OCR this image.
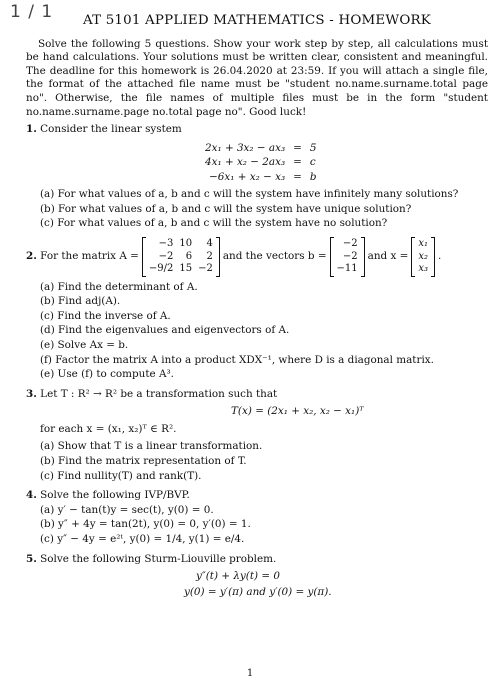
1 / 1	AT 5101 APPLIED MATHEMATICS - HOMEWORK

Solve the following 5 questions. Show your work step by step, all calculations must be hand calculations. Your solutions must be written clear, consistent and meaningful. The deadline for this homework is 26.04.2020 at 23:59. If you will attach a single file, the format of the attached file name must be "student no.name.surname.total page no". Otherwise, the file names of multiple files must be in the form "student no.name.surname.page no.total page no". Good luck!

1. Consider the linear system
2x₁ + 3x₂ − ax₃	=	5
4x₁ + x₂ − 2ax₃	=	c
−6x₁ + x₂ − x₃	=	b
(a) For what values of a, b and c will the system have infinitely many solutions?
(b) For what values of a, b and c will the system have unique solution?
(c) For what values of a, b and c will the system have no solution?
2.
For the matrix A =
−3	10	4
−2	6	2
−9/2	15	−2
and the vectors b =
−2
−2
−11
and x =
x₁
x₂
x₃
.
(a) Find the determinant of A.
(b) Find adj(A).
(c) Find the inverse of A.
(d) Find the eigenvalues and eigenvectors of A.
(e) Solve Ax = b.
(f) Factor the matrix A into a product XDX⁻¹, where D is a diagonal matrix.
(e) Use (f) to compute A³.
3. Let T : R² → R² be a transformation such that
T(x) = (2x₁ + x₂, x₂ − x₁)ᵀ
for each x = (x₁, x₂)ᵀ ∈ R².
(a) Show that T is a linear transformation.
(b) Find the matrix representation of T.
(c) Find nullity(T) and rank(T).
4. Solve the following IVP/BVP.
(a) y′ − tan(t)y = sec(t), y(0) = 0.
(b) y″ + 4y = tan(2t), y(0) = 0, y′(0) = 1.
(c) y″ − 4y = e²ᵗ, y(0) = 1/4, y(1) = e/4.
5. Solve the following Sturm-Liouville problem.
y″(t) + λy(t) = 0
y(0) = y′(π) and y′(0) = y(π).
1
